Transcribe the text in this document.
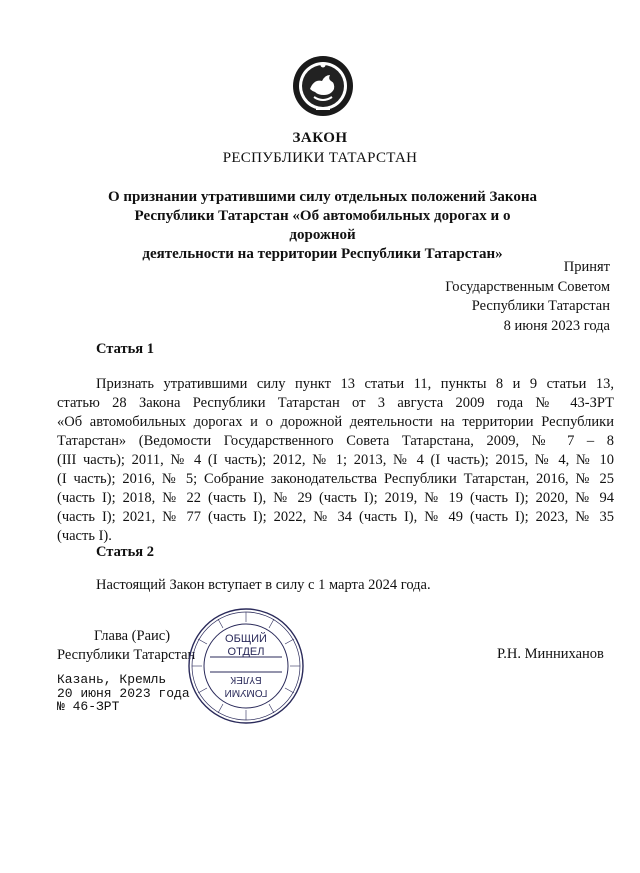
ЗАКОН
РЕСПУБЛИКИ ТАТАРСТАН
О признании утратившими силу отдельных положений Закона
Республики Татарстан «Об автомобильных дорогах и о дорожной
деятельности на территории Республики Татарстан»
Принят
Государственным Советом
Республики Татарстан
8 июня 2023 года
Статья 1
Признать утратившими силу пункт 13 статьи 11, пункты 8 и 9 статьи 13,
статью 28 Закона Республики Татарстан от 3 августа 2009 года № 43-ЗРТ
«Об автомобильных дорогах и о дорожной деятельности на территории Республики
Татарстан» (Ведомости Государственного Совета Татарстана, 2009, № 7 – 8
(III часть); 2011, № 4 (I часть); 2012, № 1; 2013, № 4 (I часть); 2015, № 4, № 10
(I часть); 2016, № 5; Собрание законодательства Республики Татарстан, 2016, № 25
(часть I); 2018, № 22 (часть I), № 29 (часть I); 2019, № 19 (часть I); 2020, № 94
(часть I); 2021, № 77 (часть I); 2022, № 34 (часть I), № 49 (часть I); 2023, № 35
(часть I).
Статья 2
Настоящий Закон вступает в силу с 1 марта 2024 года.
Глава (Раис)
Республики Татарстан	Р.Н. Минниханов
Казань, Кремль
20 июня 2023 года
№ 46-ЗРТ
ОБЩИЙ
ОТДЕЛ
БҮЛЕК
ГОМУМИ
